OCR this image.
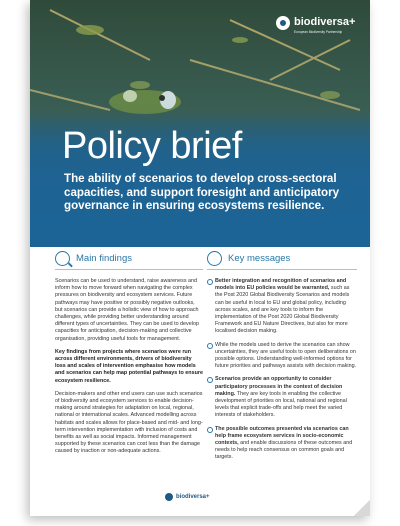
biodiversa+
European Biodiversity Partnership
Policy brief
The ability of scenarios to develop cross-sectoral capacities, and support foresight and anticipatory governance in ensuring ecosystems resilience.
Main findings

Scenarios can be used to understand, raise awareness and inform how to move forward when navigating the complex pressures on biodiversity and ecosystem services. Future pathways may have positive or possibly negative outlooks, but scenarios can provide a holistic view of how to approach challenges, while providing better understanding around different types of uncertainties. They can be used to develop capacities for anticipation, decision-making and collective organisation, providing useful tools for management.

Key findings from projects where scenarios were run across different environments, drivers of biodiversity loss and scales of intervention emphasise how models and scenarios can help map potential pathways to ensure ecosystem resilience.

Decision-makers and other end users can use such scenarios of biodiversity and ecosystem services to enable decision-making around strategies for adaptation on local, regional, national or international scales. Advanced modelling across habitats and scales allows for place-based and mid- and long-term intervention implementation with inclusion of costs and benefits as well as social impacts. Informed management supported by these scenarios can cost less than the damage caused by inaction or non-adequate actions.

Key messages
Better integration and recognition of scenarios and models into EU policies would be warranted, such as the Post 2020 Global Biodiversity Scenarios and models can be useful in local to EU and global policy, including across scales, and are key tools to inform the implementation of the Post 2020 Global Biodiversity Framework and EU Nature Directives, but also for more localised decision making.
While the models used to derive the scenarios can show uncertainties, they are useful tools to open deliberations on possible options. Understanding well-informed options for future priorities and pathways assists with decision making.
Scenarios provide an opportunity to consider participatory processes in the context of decision making. They are key tools in enabling the collective development of priorities on local, national and regional levels that explicit trade-offs and help meet the varied interests of stakeholders.
The possible outcomes presented via scenarios can help frame ecosystem services in socio-economic contexts, and enable discussions of these outcomes and needs to help reach consensus on common goals and targets.
biodiversa+
